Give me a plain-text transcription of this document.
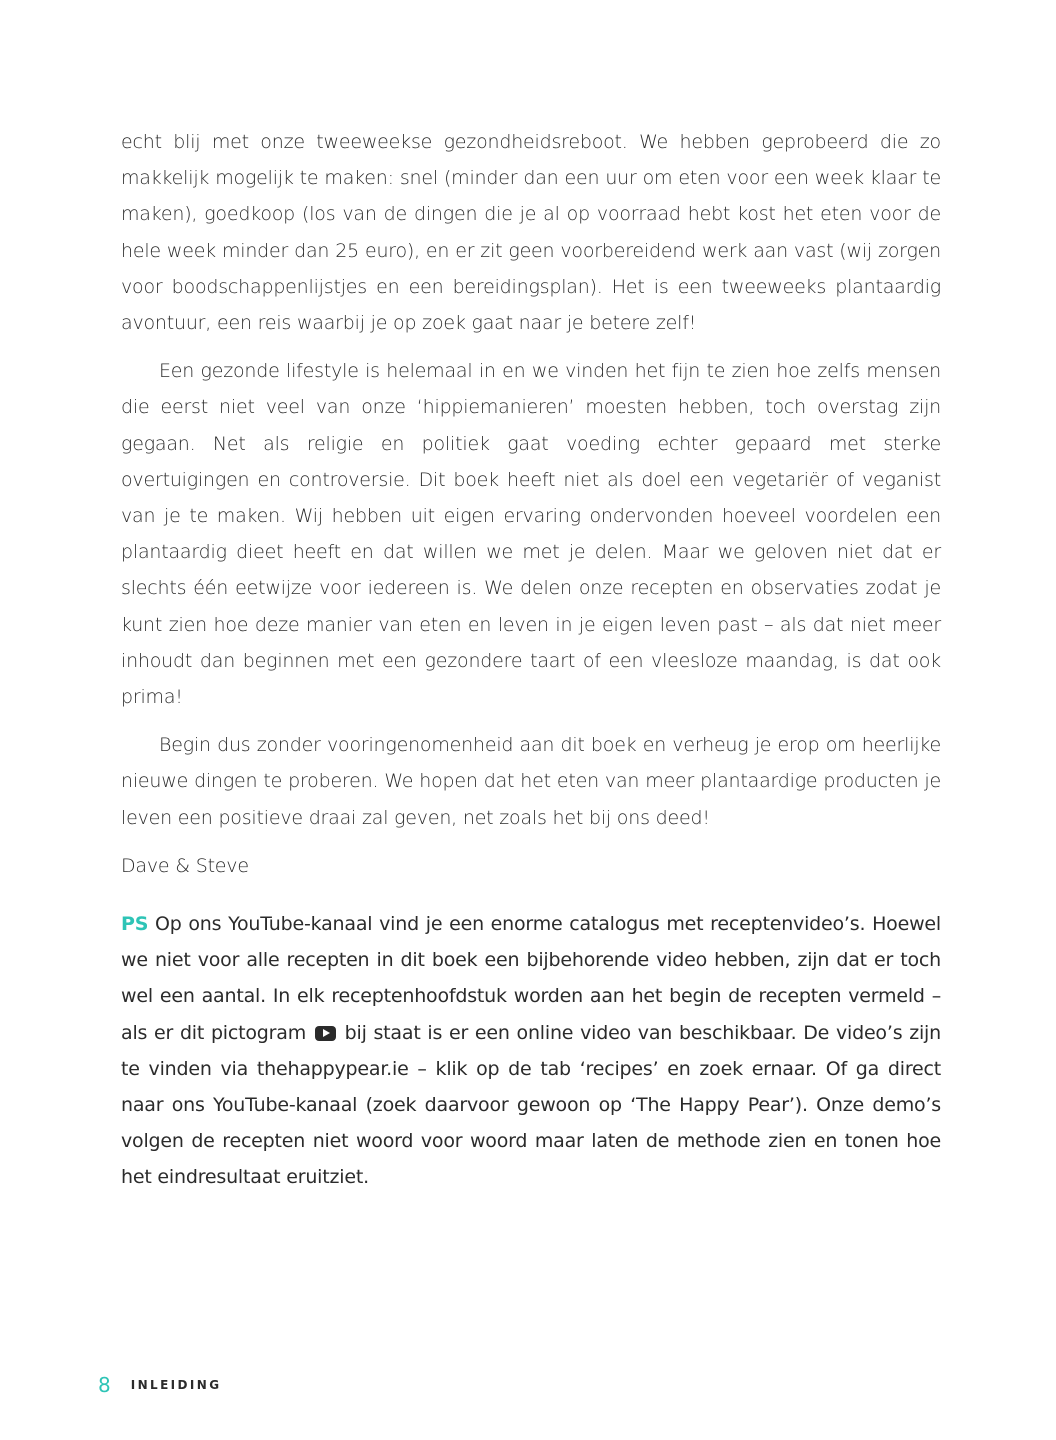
echt blij met onze tweeweekse gezondheidsreboot. We hebben geprobeerd die zo makkelijk mogelijk te maken: snel (minder dan een uur om eten voor een week klaar te maken), goedkoop (los van de dingen die je al op voorraad hebt kost het eten voor de hele week minder dan 25 euro), en er zit geen voorbereidend werk aan vast (wij zorgen voor boodschappenlijstjes en een bereidingsplan). Het is een tweeweeks plantaardig avontuur, een reis waarbij je op zoek gaat naar je betere zelf!

Een gezonde lifestyle is helemaal in en we vinden het fijn te zien hoe zelfs mensen die eerst niet veel van onze ‘hippiemanieren’ moesten hebben, toch overstag zijn gegaan. Net als religie en politiek gaat voeding echter gepaard met sterke overtuigingen en controversie. Dit boek heeft niet als doel een vegetariër of veganist van je te maken. Wij hebben uit eigen ervaring ondervonden hoeveel voordelen een plantaardig dieet heeft en dat willen we met je delen. Maar we geloven niet dat er slechts één eetwijze voor iedereen is. We delen onze recepten en observaties zodat je kunt zien hoe deze manier van eten en leven in je eigen leven past – als dat niet meer inhoudt dan beginnen met een gezondere taart of een vleesloze maandag, is dat ook prima!

Begin dus zonder vooringenomenheid aan dit boek en verheug je erop om heerlijke nieuwe dingen te proberen. We hopen dat het eten van meer plantaardige producten je leven een positieve draai zal geven, net zoals het bij ons deed!

Dave & Steve

PS Op ons YouTube-kanaal vind je een enorme catalogus met receptenvideo’s. Hoewel we niet voor alle recepten in dit boek een bijbehorende video hebben, zijn dat er toch wel een aantal. In elk receptenhoofdstuk worden aan het begin de recepten vermeld – als er dit pictogram bij staat is er een online video van beschikbaar. De video’s zijn te vinden via thehappypear.ie – klik op de tab ‘recipes’ en zoek ernaar. Of ga direct naar ons YouTube-kanaal (zoek daarvoor gewoon op ‘The Happy Pear’). Onze demo’s volgen de recepten niet woord voor woord maar laten de methode zien en tonen hoe het eindresultaat eruitziet.

8 INLEIDING
